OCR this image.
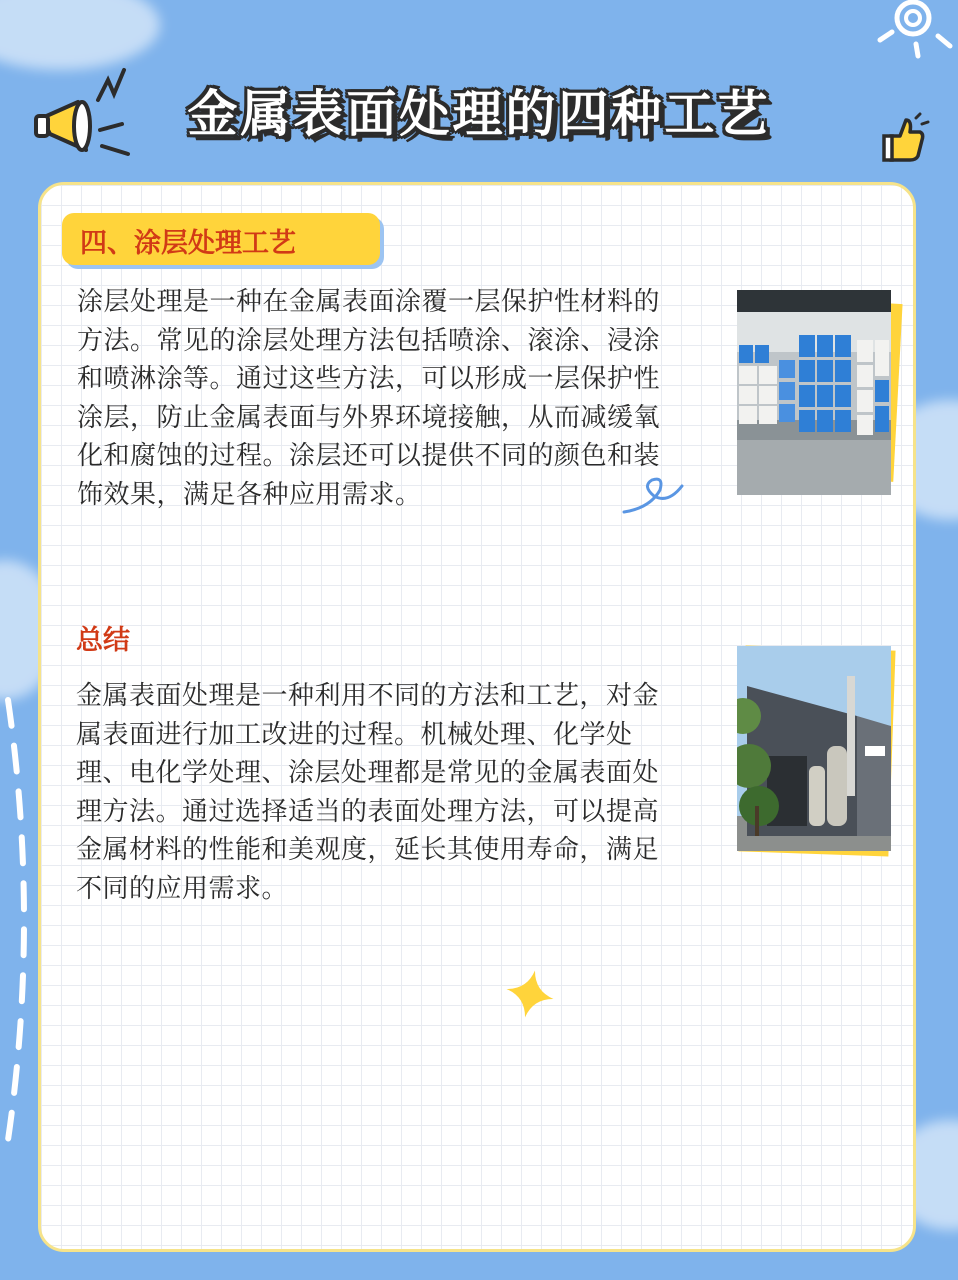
金属表面处理的四种工艺
四、涂层处理工艺

涂层处理是一种在金属表面涂覆一层保护性材料的

方法。常见的涂层处理方法包括喷涂、滚涂、浸涂

和喷淋涂等。通过这些方法，可以形成一层保护性

涂层，防止金属表面与外界环境接触，从而减缓氧

化和腐蚀的过程。涂层还可以提供不同的颜色和装

饰效果，满足各种应用需求。

总结

金属表面处理是一种利用不同的方法和工艺，对金

属表面进行加工改进的过程。机械处理、化学处

理、电化学处理、涂层处理都是常见的金属表面处

理方法。通过选择适当的表面处理方法，可以提高

金属材料的性能和美观度，延长其使用寿命，满足

不同的应用需求。
